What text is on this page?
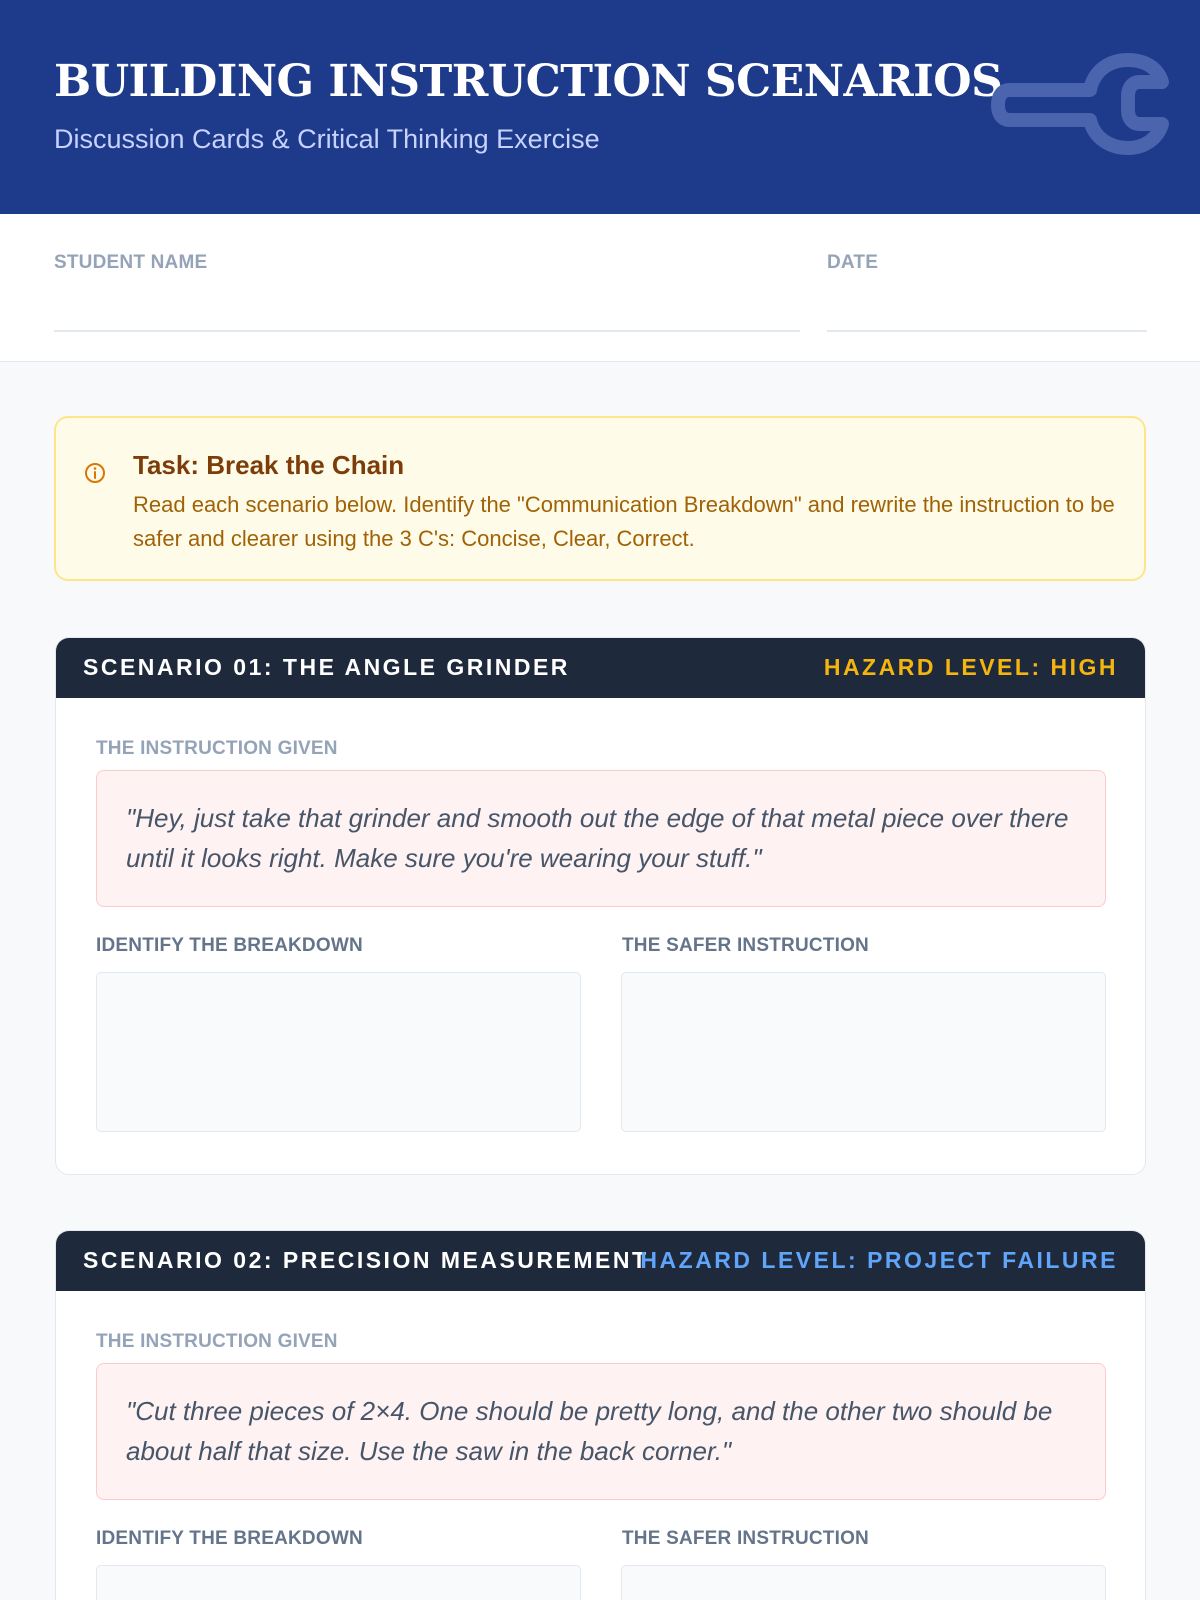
BUILDING INSTRUCTION SCENARIOS
Discussion Cards & Critical Thinking Exercise
STUDENT NAME	DATE
Task: Break the Chain
Read each scenario below. Identify the "Communication Breakdown" and rewrite the instruction to be safer and clearer using the 3 C's: Concise, Clear, Correct.
SCENARIO 01: THE ANGLE GRINDER	HAZARD LEVEL: HIGH
THE INSTRUCTION GIVEN
"Hey, just take that grinder and smooth out the edge of that metal piece over there until it looks right. Make sure you're wearing your stuff."
IDENTIFY THE BREAKDOWN	THE SAFER INSTRUCTION
SCENARIO 02: PRECISION MEASUREMENT
HAZARD LEVEL: PROJECT FAILURE
THE INSTRUCTION GIVEN
"Cut three pieces of 2×4. One should be pretty long, and the other two should be about half that size. Use the saw in the back corner."
IDENTIFY THE BREAKDOWN	THE SAFER INSTRUCTION
